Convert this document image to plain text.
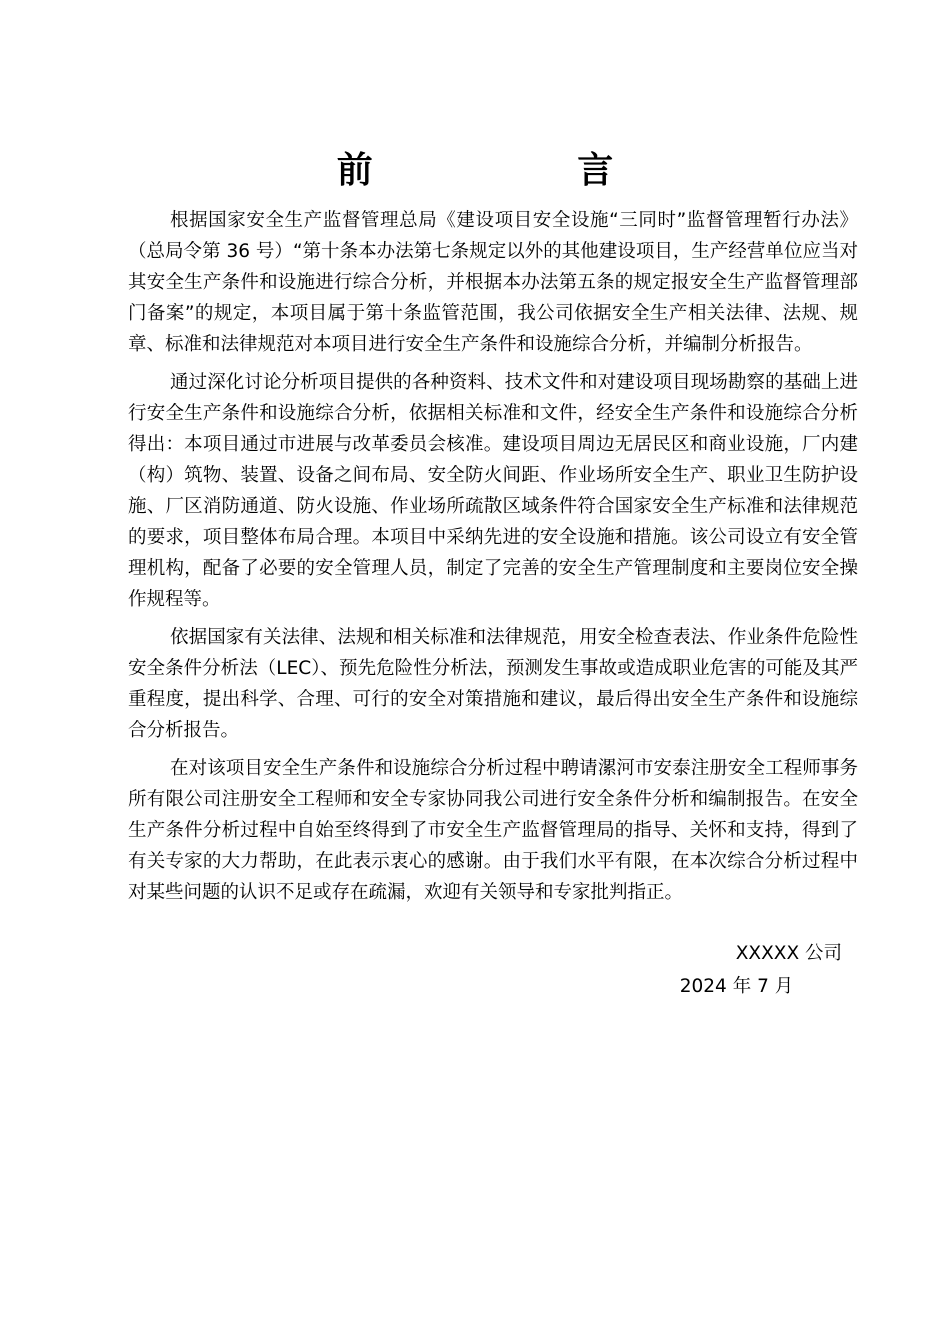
前 言

根据国家安全生产监督管理总局《建设项目安全设施“三同时”监督管理暂行办法》（总局令第 36 号）“第十条本办法第七条规定以外的其他建设项目，生产经营单位应当对其安全生产条件和设施进行综合分析，并根据本办法第五条的规定报安全生产监督管理部门备案”的规定，本项目属于第十条监管范围，我公司依据安全生产相关法律、法规、规章、标准和法律规范对本项目进行安全生产条件和设施综合分析，并编制分析报告。

通过深化讨论分析项目提供的各种资料、技术文件和对建设项目现场勘察的基础上进行安全生产条件和设施综合分析，依据相关标准和文件，经安全生产条件和设施综合分析得出：本项目通过市进展与改革委员会核准。建设项目周边无居民区和商业设施，厂内建（构）筑物、装置、设备之间布局、安全防火间距、作业场所安全生产、职业卫生防护设施、厂区消防通道、防火设施、作业场所疏散区域条件符合国家安全生产标准和法律规范的要求，项目整体布局合理。本项目中采纳先进的安全设施和措施。该公司设立有安全管理机构，配备了必要的安全管理人员，制定了完善的安全生产管理制度和主要岗位安全操作规程等。

依据国家有关法律、法规和相关标准和法律规范，用安全检查表法、作业条件危险性安全条件分析法（LEC）、预先危险性分析法，预测发生事故或造成职业危害的可能及其严重程度，提出科学、合理、可行的安全对策措施和建议，最后得出安全生产条件和设施综合分析报告。

在对该项目安全生产条件和设施综合分析过程中聘请漯河市安泰注册安全工程师事务所有限公司注册安全工程师和安全专家协同我公司进行安全条件分析和编制报告。在安全生产条件分析过程中自始至终得到了市安全生产监督管理局的指导、关怀和支持，得到了有关专家的大力帮助，在此表示衷心的感谢。由于我们水平有限，在本次综合分析过程中对某些问题的认识不足或存在疏漏，欢迎有关领导和专家批判指正。

XXXXX 公司
2024 年 7 月
